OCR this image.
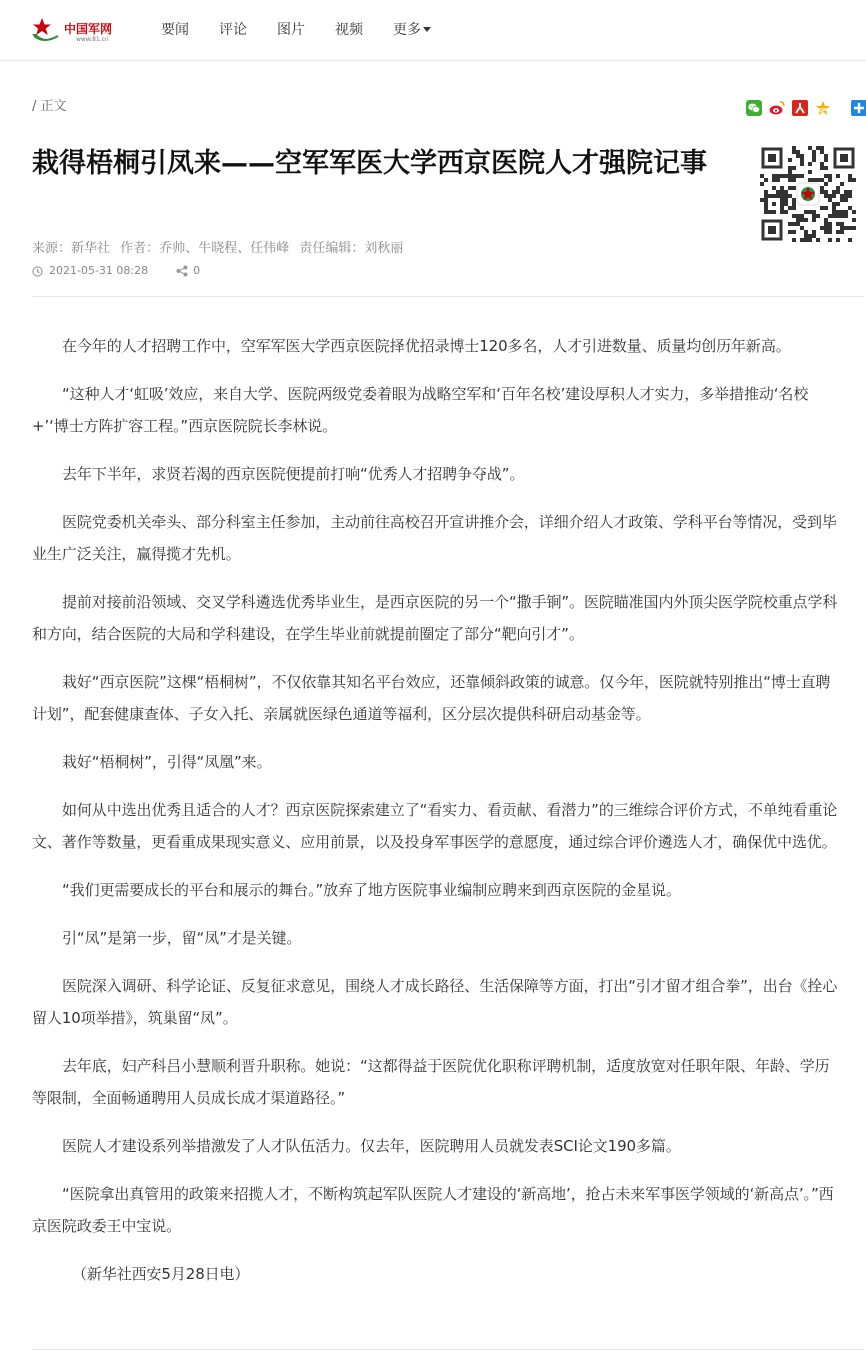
中国军网
www.81.cn
要闻 评论 图片 视频 更多
/ 正文
栽得梧桐引凤来——空军军医大学西京医院人才强院记事
来源：新华社 作者：乔帅、牛晓程、任伟峰 责任编辑：刘秋丽
2021-05-31 08:28	0

在今年的人才招聘工作中，空军军医大学西京医院择优招录博士120多名，人才引进数量、质量均创历年新高。

“这种人才‘虹吸’效应，来自大学、医院两级党委着眼为战略空军和‘百年名校’建设厚积人才实力，多举措推动‘名校+’‘博士方阵扩容工程。”西京医院院长李林说。

去年下半年，求贤若渴的西京医院便提前打响“优秀人才招聘争夺战”。

医院党委机关牵头、部分科室主任参加，主动前往高校召开宣讲推介会，详细介绍人才政策、学科平台等情况，受到毕业生广泛关注，赢得揽才先机。

提前对接前沿领域、交叉学科遴选优秀毕业生，是西京医院的另一个“撒手锏”。医院瞄准国内外顶尖医学院校重点学科和方向，结合医院的大局和学科建设，在学生毕业前就提前圈定了部分“靶向引才”。

栽好“西京医院”这棵“梧桐树”，不仅依靠其知名平台效应，还靠倾斜政策的诚意。仅今年，医院就特别推出“博士直聘计划”，配套健康查体、子女入托、亲属就医绿色通道等福利，区分层次提供科研启动基金等。

栽好“梧桐树”，引得“凤凰”来。

如何从中选出优秀且适合的人才？西京医院探索建立了“看实力、看贡献、看潜力”的三维综合评价方式，不单纯看重论文、著作等数量，更看重成果现实意义、应用前景，以及投身军事医学的意愿度，通过综合评价遴选人才，确保优中选优。

“我们更需要成长的平台和展示的舞台。”放弃了地方医院事业编制应聘来到西京医院的金星说。

引“凤”是第一步，留“凤”才是关键。

医院深入调研、科学论证、反复征求意见，围绕人才成长路径、生活保障等方面，打出“引才留才组合拳”，出台《拴心留人10项举措》，筑巢留“凤”。

去年底，妇产科吕小慧顺利晋升职称。她说：“这都得益于医院优化职称评聘机制，适度放宽对任职年限、年龄、学历等限制，全面畅通聘用人员成长成才渠道路径。”

医院人才建设系列举措激发了人才队伍活力。仅去年，医院聘用人员就发表SCI论文190多篇。

“医院拿出真管用的政策来招揽人才，不断构筑起军队医院人才建设的‘新高地’，抢占未来军事医学领域的‘新高点’。”西京医院政委王中宝说。

（新华社西安5月28日电）
